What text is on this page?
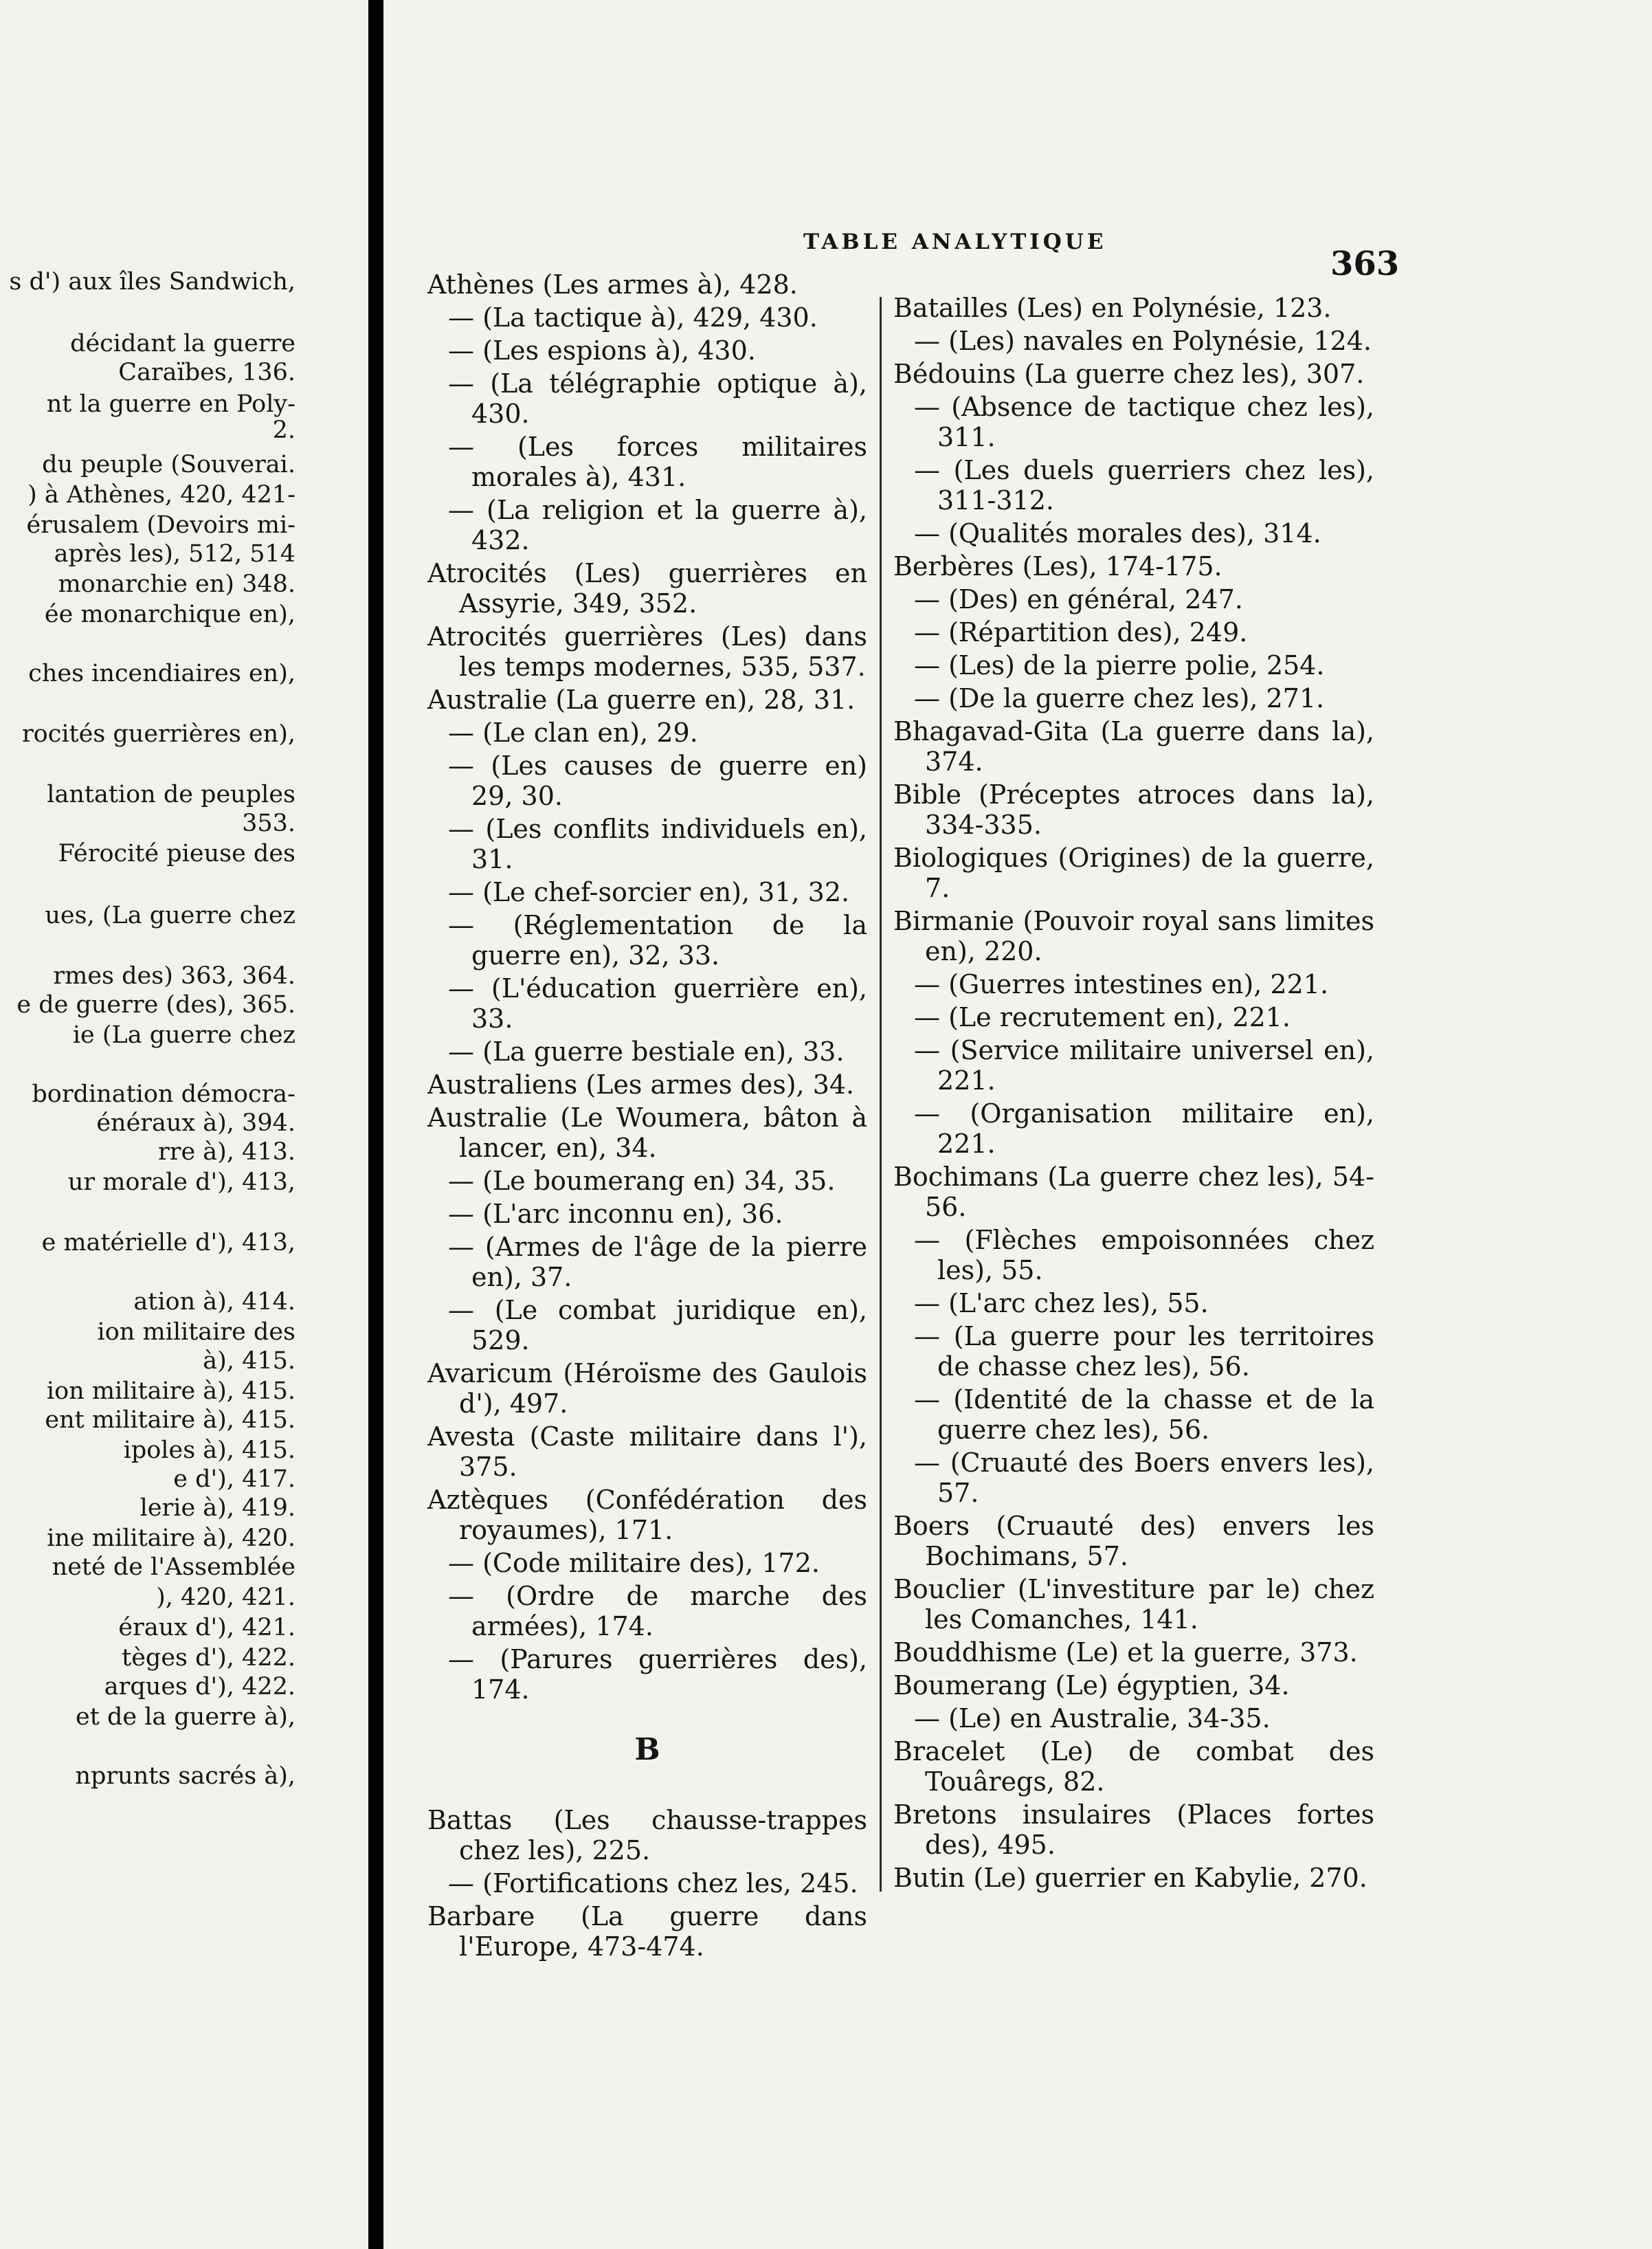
s d') aux îles Sandwich,

décidant la guerre

Caraïbes, 136.

nt la guerre en Poly-

2.

du peuple (Souverai.

) à Athènes, 420, 421-

érusalem (Devoirs mi-

après les), 512, 514

monarchie en) 348.

ée monarchique en),

ches incendiaires en),

rocités guerrières en),

lantation de peuples

353.

Férocité pieuse des

ues, (La guerre chez

rmes des) 363, 364.

e de guerre (des), 365.

ie (La guerre chez

bordination démocra-

énéraux à), 394.

rre à), 413.

ur morale d'), 413,

e matérielle d'), 413,

ation à), 414.

ion militaire des

à), 415.

ion militaire à), 415.

ent militaire à), 415.

ipoles à), 415.

e d'), 417.

lerie à), 419.

ine militaire à), 420.

neté de l'Assemblée

), 420, 421.

éraux d'), 421.

tèges d'), 422.

arques d'), 422.

et de la guerre à),

nprunts sacrés à),

TABLE ANALYTIQUE
363

Athènes (Les armes à), 428.

— (La tactique à), 429, 430.

— (Les espions à), 430.

— (La télégraphie optique à), 430.

— (Les forces militaires morales à), 431.

— (La religion et la guerre à), 432.

Atrocités (Les) guerrières en Assyrie, 349, 352.

Atrocités guerrières (Les) dans les temps modernes, 535, 537.

Australie (La guerre en), 28, 31.

— (Le clan en), 29.

— (Les causes de guerre en) 29, 30.

— (Les conflits individuels en), 31.

— (Le chef-sorcier en), 31, 32.

— (Réglementation de la guerre en), 32, 33.

— (L'éducation guerrière en), 33.

— (La guerre bestiale en), 33.

Australiens (Les armes des), 34.

Australie (Le Woumera, bâton à lancer, en), 34.

— (Le boumerang en) 34, 35.

— (L'arc inconnu en), 36.

— (Armes de l'âge de la pierre en), 37.

— (Le combat juridique en), 529.

Avaricum (Héroïsme des Gaulois d'), 497.

Avesta (Caste militaire dans l'), 375.

Aztèques (Confédération des royaumes), 171.

— (Code militaire des), 172.

— (Ordre de marche des armées), 174.

— (Parures guerrières des), 174.

B

Battas (Les chausse-trappes chez les), 225.

— (Fortifications chez les, 245.

Barbare (La guerre dans l'Europe, 473-474.

Batailles (Les) en Polynésie, 123.

— (Les) navales en Polynésie, 124.

Bédouins (La guerre chez les), 307.

— (Absence de tactique chez les), 311.

— (Les duels guerriers chez les), 311-312.

— (Qualités morales des), 314.

Berbères (Les), 174-175.

— (Des) en général, 247.

— (Répartition des), 249.

— (Les) de la pierre polie, 254.

— (De la guerre chez les), 271.

Bhagavad-Gita (La guerre dans la), 374.

Bible (Préceptes atroces dans la), 334-335.

Biologiques (Origines) de la guerre, 7.

Birmanie (Pouvoir royal sans limites en), 220.

— (Guerres intestines en), 221.

— (Le recrutement en), 221.

— (Service militaire universel en), 221.

— (Organisation militaire en), 221.

Bochimans (La guerre chez les), 54-56.

— (Flèches empoisonnées chez les), 55.

— (L'arc chez les), 55.

— (La guerre pour les territoires de chasse chez les), 56.

— (Identité de la chasse et de la guerre chez les), 56.

— (Cruauté des Boers envers les), 57.

Boers (Cruauté des) envers les Bochimans, 57.

Bouclier (L'investiture par le) chez les Comanches, 141.

Bouddhisme (Le) et la guerre, 373.

Boumerang (Le) égyptien, 34.

— (Le) en Australie, 34-35.

Bracelet (Le) de combat des Touâregs, 82.

Bretons insulaires (Places fortes des), 495.

Butin (Le) guerrier en Kabylie, 270.
